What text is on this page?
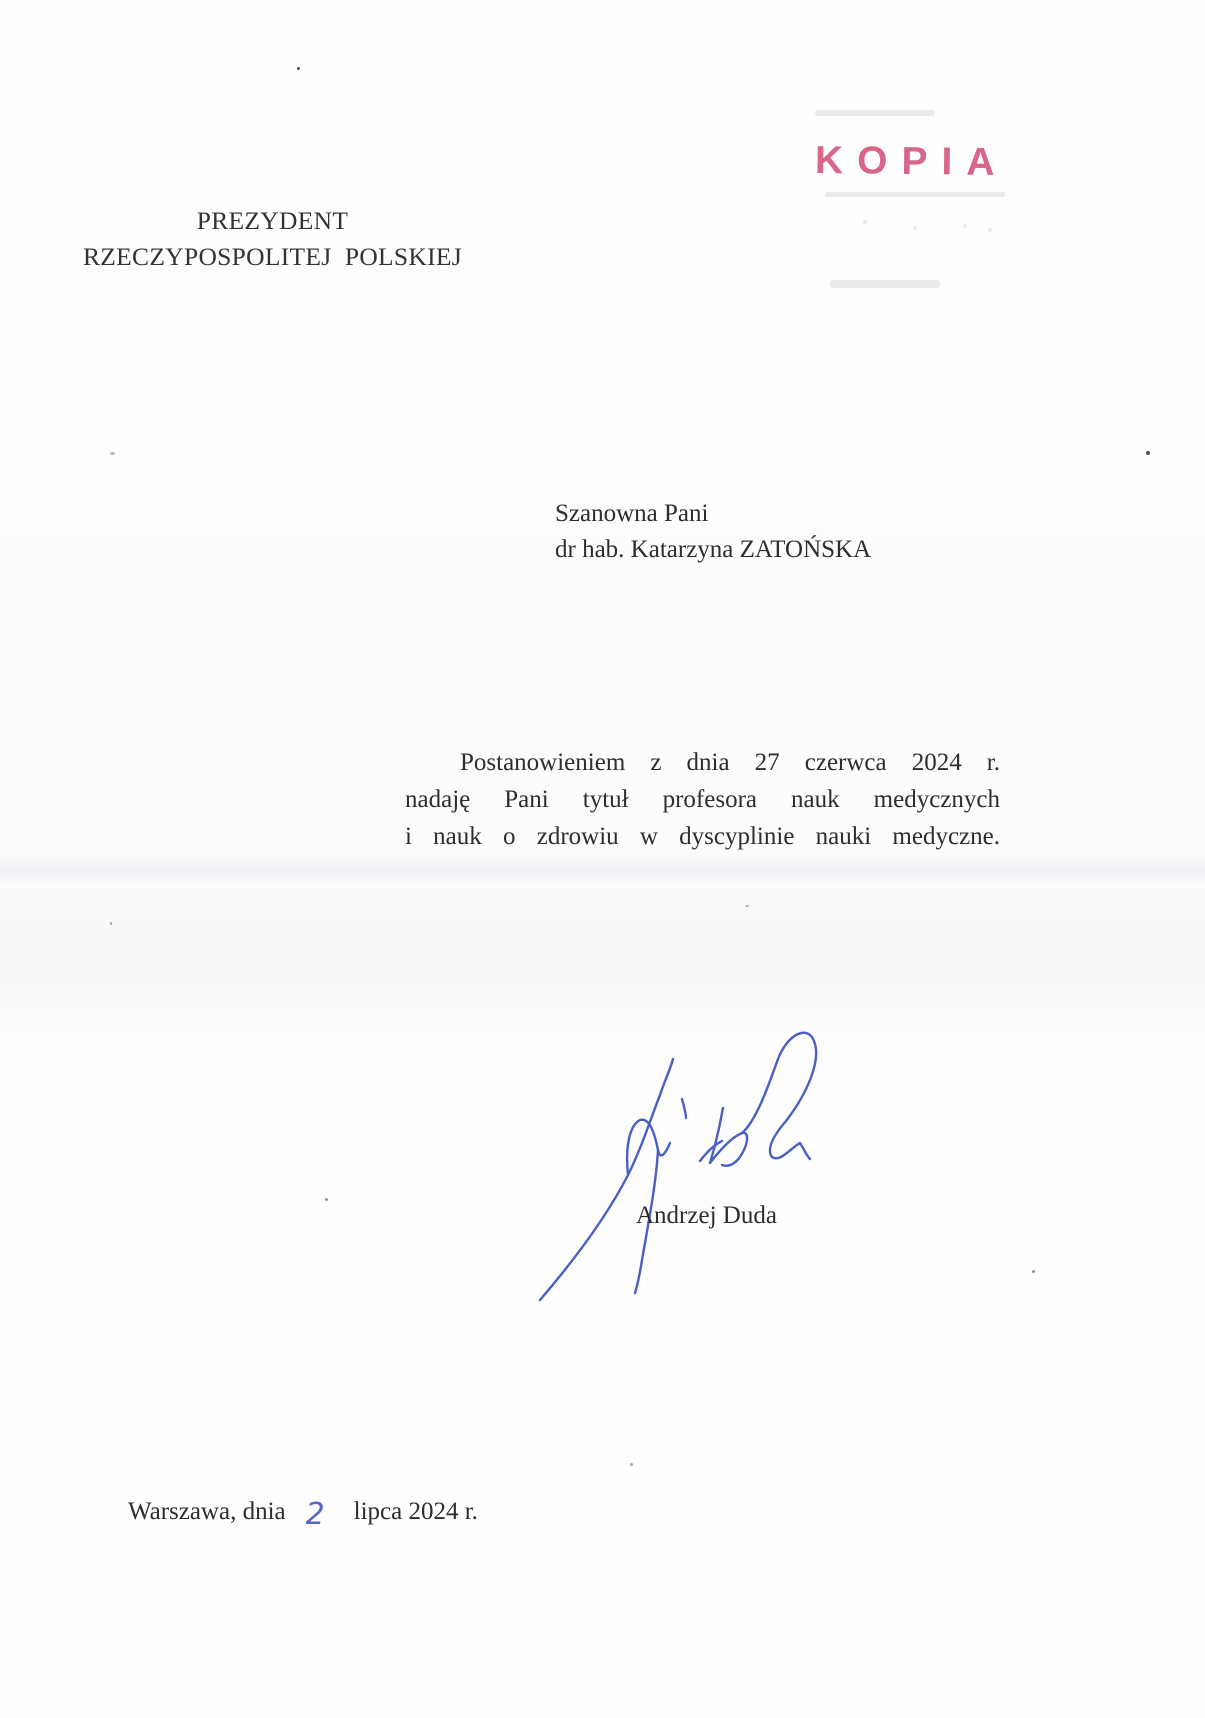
PREZYDENT
RZECZYPOSPOLITEJ  POLSKIEJ
KOPIA
Szanowna Pani
dr hab. Katarzyna ZATOŃSKA
Postanowieniem z dnia 27 czerwca 2024 r.
nadaję Pani tytuł profesora nauk medycznych
i nauk o zdrowiu w dyscyplinie nauki medyczne.
Andrzej Duda
Warszawa, dnia 2 lipca 2024 r.
